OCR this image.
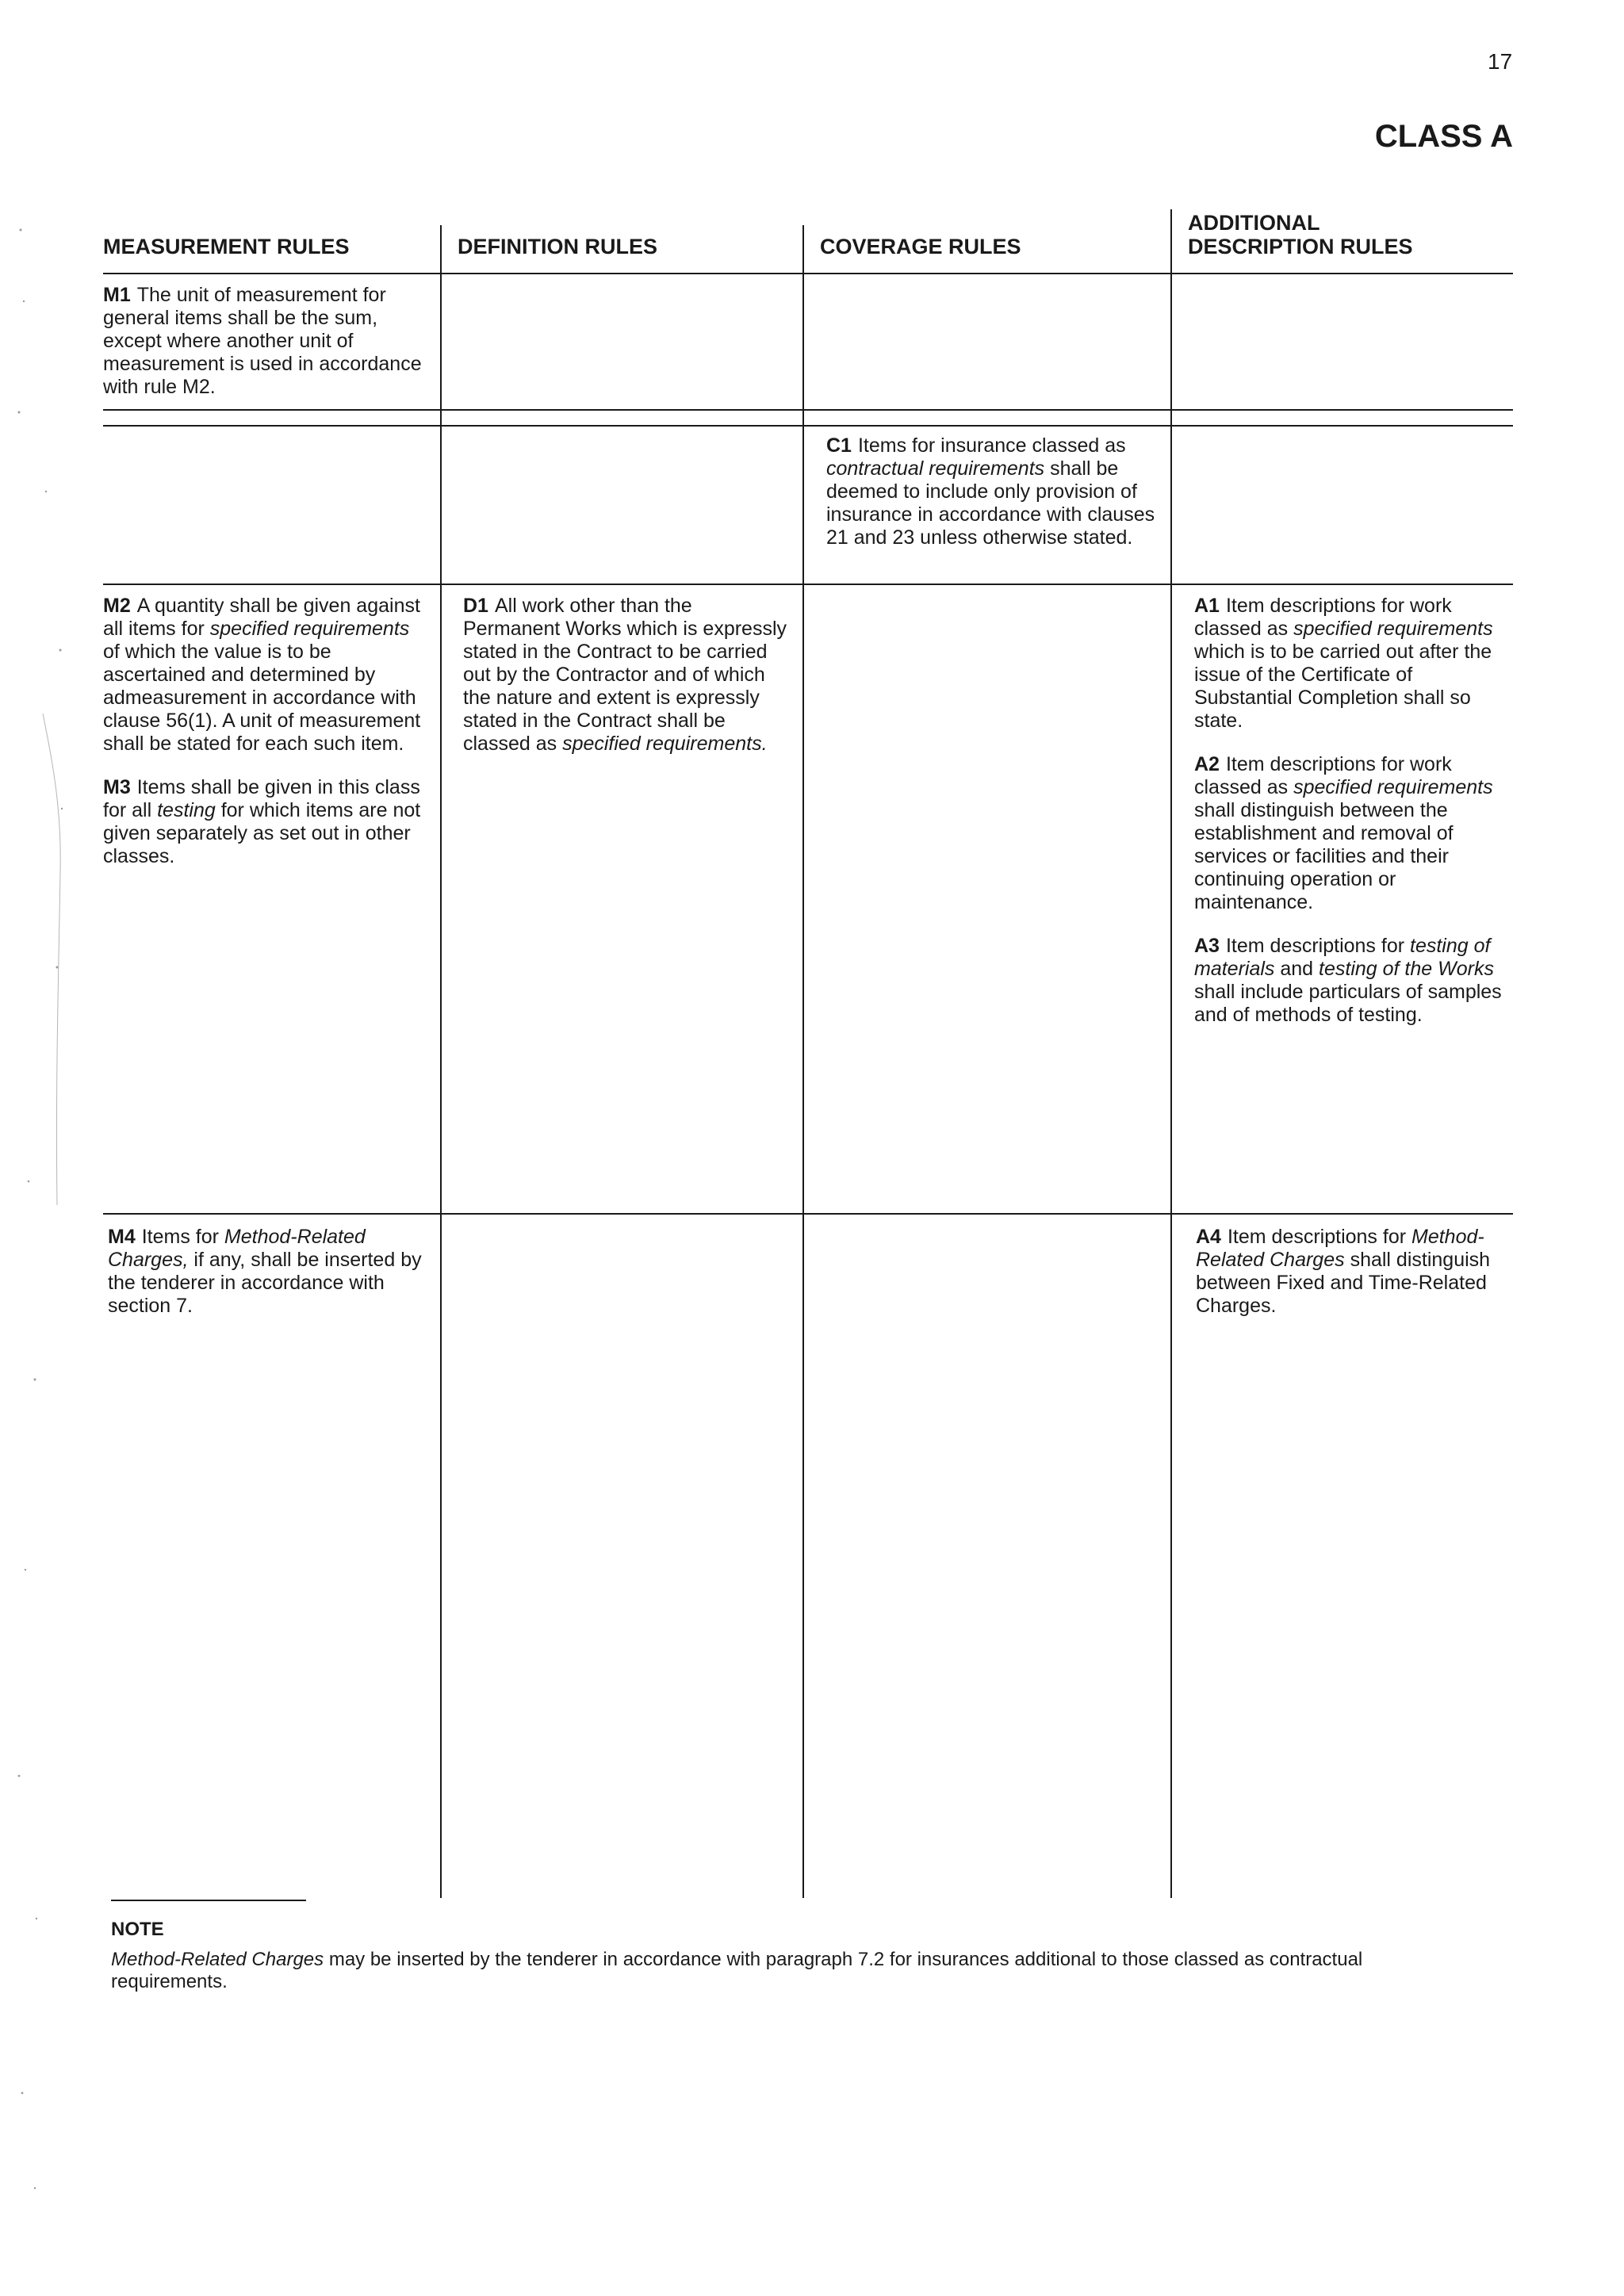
17
CLASS A
MEASUREMENT RULES	DEFINITION RULES	COVERAGE RULES
ADDITIONAL
DESCRIPTION RULES
M1 The unit of measurement for general items shall be the sum, except where another unit of measurement is used in accordance with rule M2.
C1 Items for insurance classed as contractual requirements shall be deemed to include only provision of insurance in accordance with clauses 21 and 23 unless otherwise stated.

M2 A quantity shall be given against all items for specified requirements of which the value is to be ascertained and determined by admeasurement in accordance with clause 56(1). A unit of measurement shall be stated for each such item.

M3 Items shall be given in this class for all testing for which items are not given separately as set out in other classes.

D1 All work other than the Permanent Works which is expressly stated in the Contract to be carried out by the Contractor and of which the nature and extent is expressly stated in the Contract shall be classed as specified requirements.

A1 Item descriptions for work classed as specified requirements which is to be carried out after the issue of the Certificate of Substantial Completion shall so state.

A2 Item descriptions for work classed as specified requirements shall distinguish between the establishment and removal of services or facilities and their continuing operation or maintenance.

A3 Item descriptions for testing of materials and testing of the Works shall include particulars of samples and of methods of testing.

M4 Items for Method-Related Charges, if any, shall be inserted by the tenderer in accordance with section 7.
A4 Item descriptions for Method-Related Charges shall distinguish between Fixed and Time-Related Charges.
NOTE
Method-Related Charges may be inserted by the tenderer in accordance with paragraph 7.2 for insurances additional to those classed as contractual requirements.
